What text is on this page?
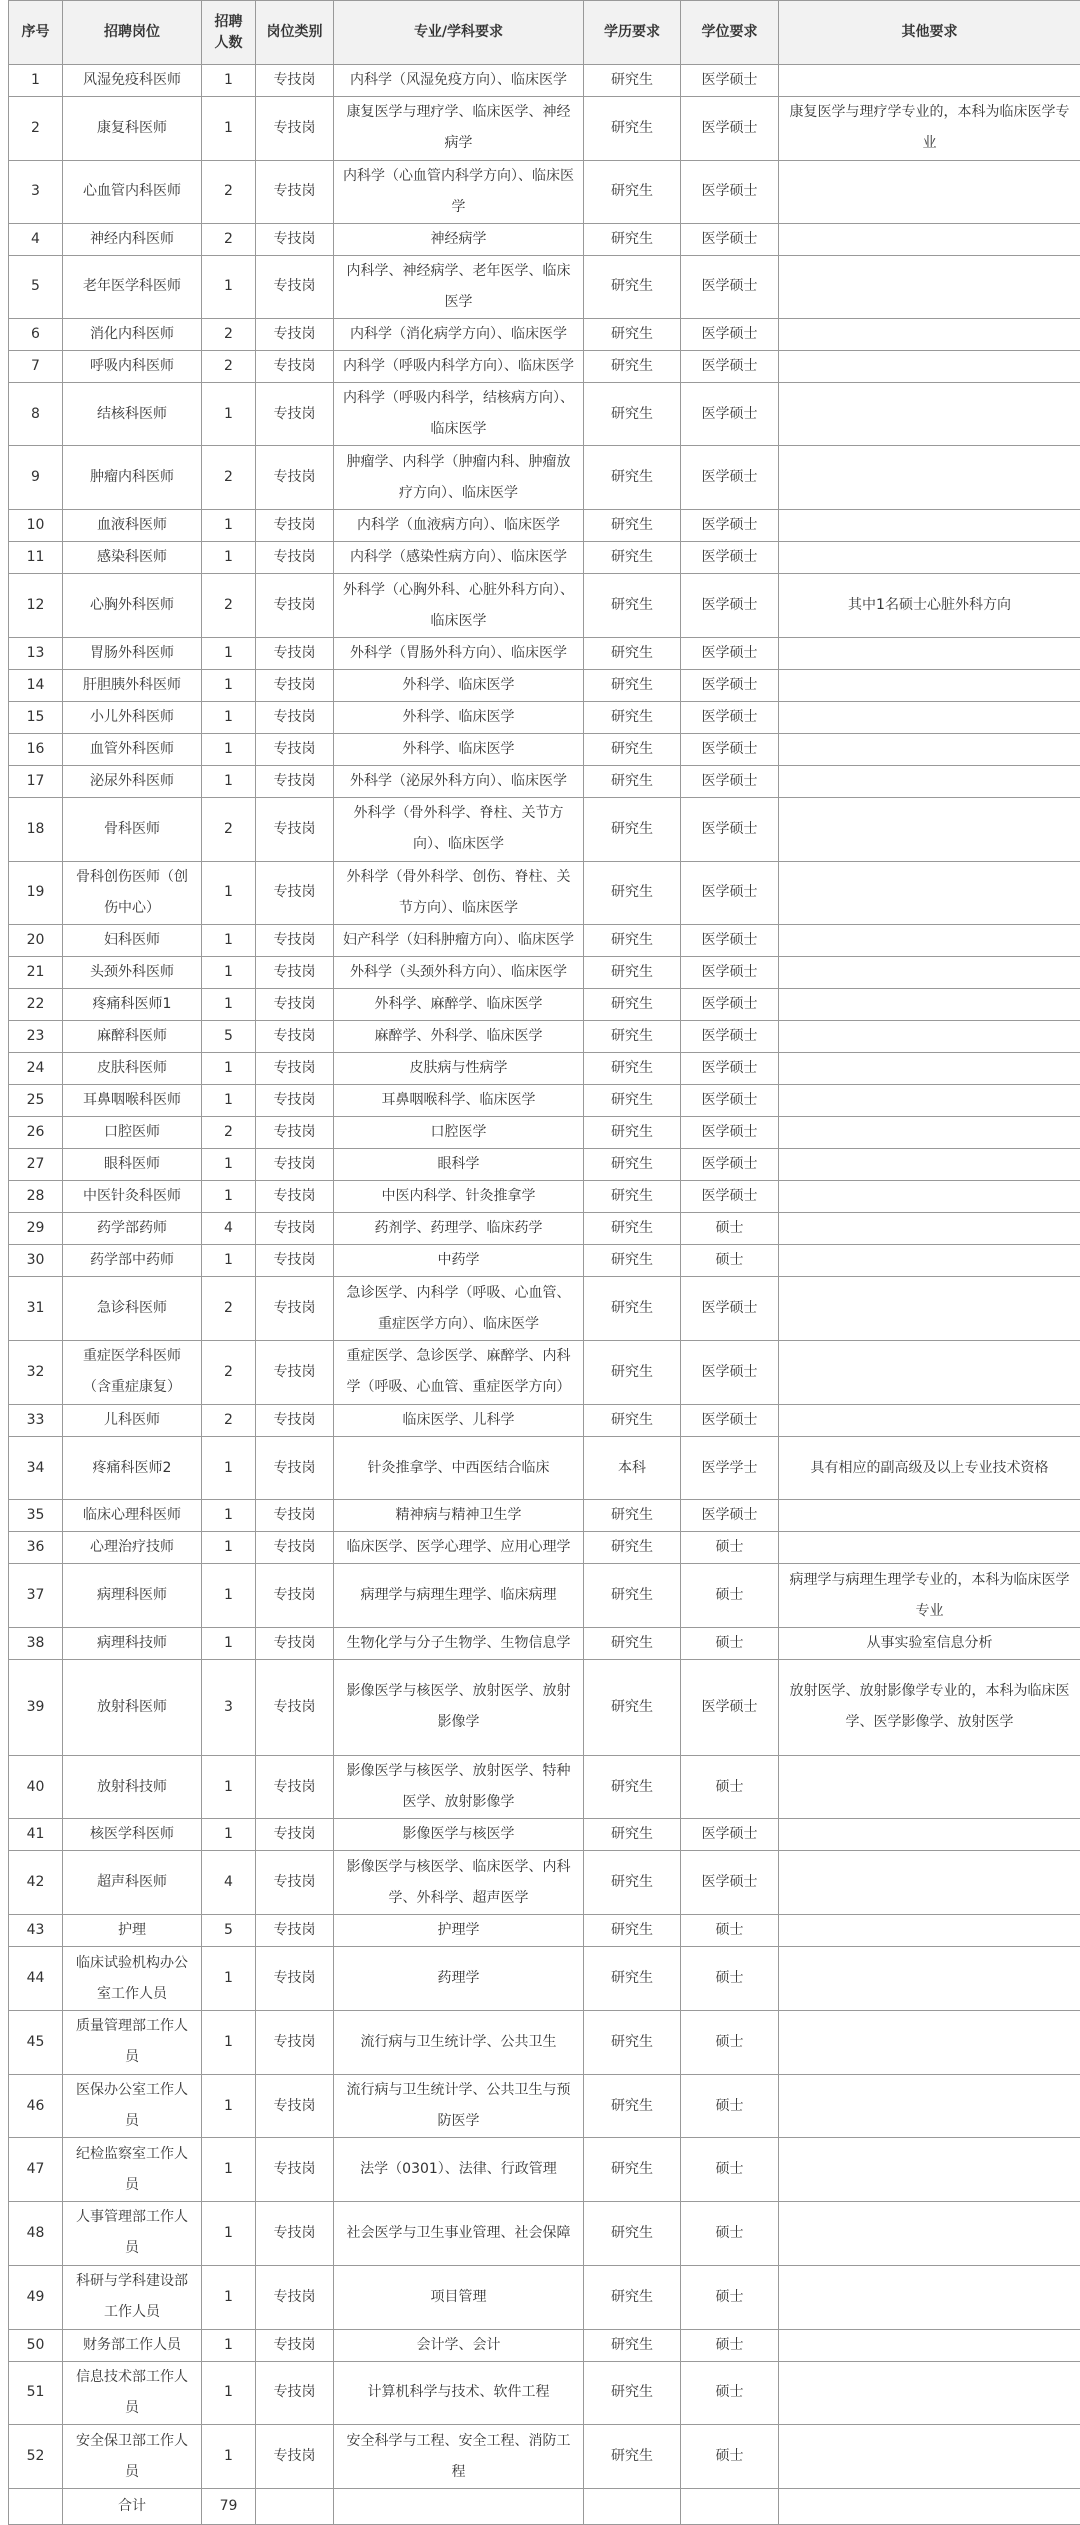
序号	招聘岗位	招聘人数	岗位类别	专业/学科要求	学历要求	学位要求	其他要求
1	风湿免疫科医师	1	专技岗	内科学（风湿免疫方向）、临床医学	研究生	医学硕士	
2	康复科医师	1	专技岗	康复医学与理疗学、临床医学、神经病学	研究生	医学硕士	康复医学与理疗学专业的，本科为临床医学专业
3	心血管内科医师	2	专技岗	内科学（心血管内科学方向）、临床医学	研究生	医学硕士	
4	神经内科医师	2	专技岗	神经病学	研究生	医学硕士	
5	老年医学科医师	1	专技岗	内科学、神经病学、老年医学、临床医学	研究生	医学硕士	
6	消化内科医师	2	专技岗	内科学（消化病学方向）、临床医学	研究生	医学硕士	
7	呼吸内科医师	2	专技岗	内科学（呼吸内科学方向）、临床医学	研究生	医学硕士	
8	结核科医师	1	专技岗	内科学（呼吸内科学，结核病方向）、临床医学	研究生	医学硕士	
9	肿瘤内科医师	2	专技岗	肿瘤学、内科学（肿瘤内科、肿瘤放疗方向）、临床医学	研究生	医学硕士	
10	血液科医师	1	专技岗	内科学（血液病方向）、临床医学	研究生	医学硕士	
11	感染科医师	1	专技岗	内科学（感染性病方向）、临床医学	研究生	医学硕士	
12	心胸外科医师	2	专技岗	外科学（心胸外科、心脏外科方向）、临床医学	研究生	医学硕士	其中1名硕士心脏外科方向
13	胃肠外科医师	1	专技岗	外科学（胃肠外科方向）、临床医学	研究生	医学硕士	
14	肝胆胰外科医师	1	专技岗	外科学、临床医学	研究生	医学硕士	
15	小儿外科医师	1	专技岗	外科学、临床医学	研究生	医学硕士	
16	血管外科医师	1	专技岗	外科学、临床医学	研究生	医学硕士	
17	泌尿外科医师	1	专技岗	外科学（泌尿外科方向）、临床医学	研究生	医学硕士	
18	骨科医师	2	专技岗	外科学（骨外科学、脊柱、关节方向）、临床医学	研究生	医学硕士	
19	骨科创伤医师（创伤中心）	1	专技岗	外科学（骨外科学、创伤、脊柱、关节方向）、临床医学	研究生	医学硕士	
20	妇科医师	1	专技岗	妇产科学（妇科肿瘤方向）、临床医学	研究生	医学硕士	
21	头颈外科医师	1	专技岗	外科学（头颈外科方向）、临床医学	研究生	医学硕士	
22	疼痛科医师1	1	专技岗	外科学、麻醉学、临床医学	研究生	医学硕士	
23	麻醉科医师	5	专技岗	麻醉学、外科学、临床医学	研究生	医学硕士	
24	皮肤科医师	1	专技岗	皮肤病与性病学	研究生	医学硕士	
25	耳鼻咽喉科医师	1	专技岗	耳鼻咽喉科学、临床医学	研究生	医学硕士	
26	口腔医师	2	专技岗	口腔医学	研究生	医学硕士	
27	眼科医师	1	专技岗	眼科学	研究生	医学硕士	
28	中医针灸科医师	1	专技岗	中医内科学、针灸推拿学	研究生	医学硕士	
29	药学部药师	4	专技岗	药剂学、药理学、临床药学	研究生	硕士	
30	药学部中药师	1	专技岗	中药学	研究生	硕士	
31	急诊科医师	2	专技岗	急诊医学、内科学（呼吸、心血管、重症医学方向）、临床医学	研究生	医学硕士	
32	重症医学科医师（含重症康复）	2	专技岗	重症医学、急诊医学、麻醉学、内科学（呼吸、心血管、重症医学方向）	研究生	医学硕士	
33	儿科医师	2	专技岗	临床医学、儿科学	研究生	医学硕士	
34	疼痛科医师2	1	专技岗	针灸推拿学、中西医结合临床	本科	医学学士	具有相应的副高级及以上专业技术资格
35	临床心理科医师	1	专技岗	精神病与精神卫生学	研究生	医学硕士	
36	心理治疗技师	1	专技岗	临床医学、医学心理学、应用心理学	研究生	硕士	
37	病理科医师	1	专技岗	病理学与病理生理学、临床病理	研究生	硕士	病理学与病理生理学专业的，本科为临床医学专业
38	病理科技师	1	专技岗	生物化学与分子生物学、生物信息学	研究生	硕士	从事实验室信息分析
39	放射科医师	3	专技岗	影像医学与核医学、放射医学、放射影像学	研究生	医学硕士	放射医学、放射影像学专业的，本科为临床医学、医学影像学、放射医学
40	放射科技师	1	专技岗	影像医学与核医学、放射医学、特种医学、放射影像学	研究生	硕士	
41	核医学科医师	1	专技岗	影像医学与核医学	研究生	医学硕士	
42	超声科医师	4	专技岗	影像医学与核医学、临床医学、内科学、外科学、超声医学	研究生	医学硕士	
43	护理	5	专技岗	护理学	研究生	硕士	
44	临床试验机构办公室工作人员	1	专技岗	药理学	研究生	硕士	
45	质量管理部工作人员	1	专技岗	流行病与卫生统计学、公共卫生	研究生	硕士	
46	医保办公室工作人员	1	专技岗	流行病与卫生统计学、公共卫生与预防医学	研究生	硕士	
47	纪检监察室工作人员	1	专技岗	法学（0301）、法律、行政管理	研究生	硕士	
48	人事管理部工作人员	1	专技岗	社会医学与卫生事业管理、社会保障	研究生	硕士	
49	科研与学科建设部工作人员	1	专技岗	项目管理	研究生	硕士	
50	财务部工作人员	1	专技岗	会计学、会计	研究生	硕士	
51	信息技术部工作人员	1	专技岗	计算机科学与技术、软件工程	研究生	硕士	
52	安全保卫部工作人员	1	专技岗	安全科学与工程、安全工程、消防工程	研究生	硕士	
	合计	79					
